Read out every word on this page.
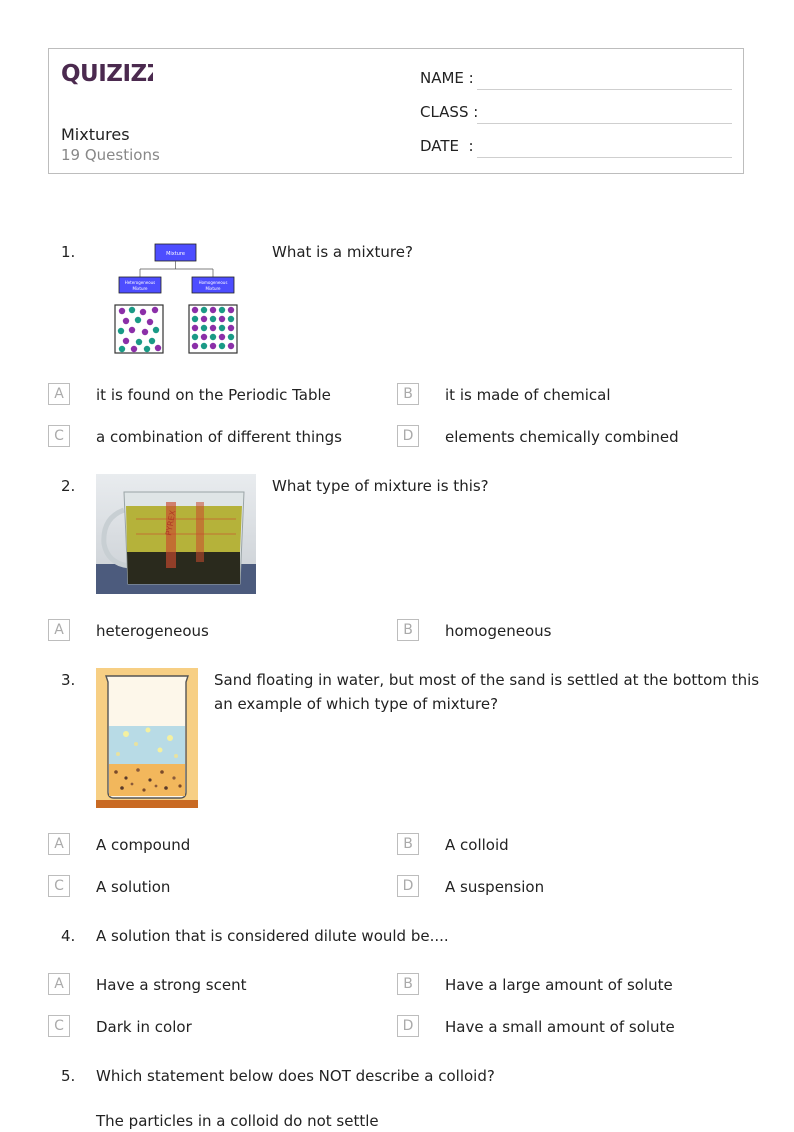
QUIZIZZ
Mixtures
19 Questions
NAME :
CLASS :
DATE  :
1.	Mixture
Heterogeneous
Mixture
Homogeneous
Mixture
What is a mixture?
A	it is found on the Periodic Table	B	it is made of chemical
C	a combination of different things	D	elements chemically combined
2.
PYREX
What type of mixture is this?
A	heterogeneous	B	homogeneous
3.	Sand floating in water, but most of the sand is settled at the bottom this
an example of which type of mixture?
A	A compound	B	A colloid
C	A solution	D	A suspension
4. A solution that is considered dilute would be....
A	Have a strong scent	B	Have a large amount of solute
C	Dark in color	D	Have a small amount of solute
5. Which statement below does NOT describe a colloid?
The particles in a colloid do not settle
